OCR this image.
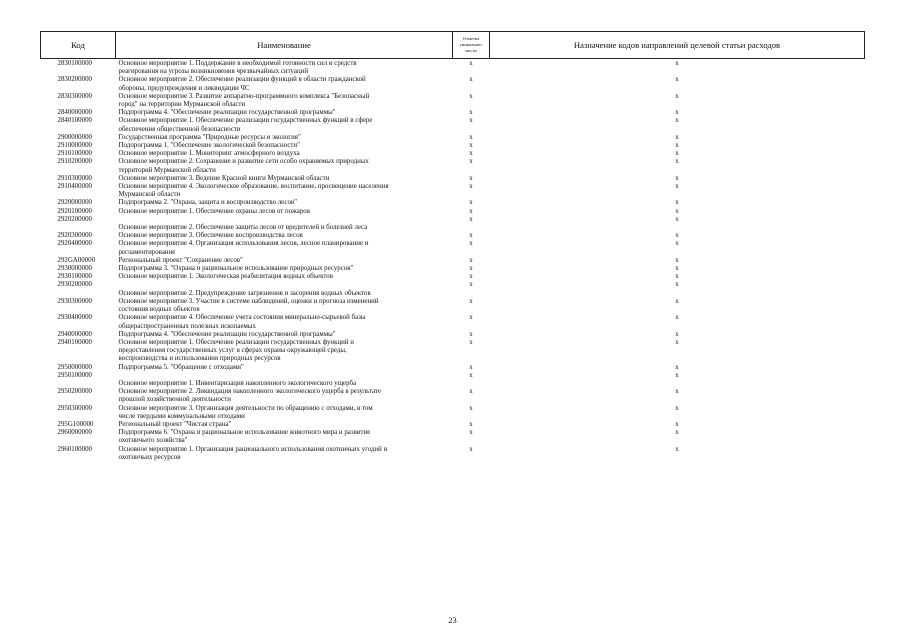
Код	Наименование	Отметка
уникальнос
ности	Назначение кодов направлений целевой статьи расходов
2830100000	Основное мероприятие 1. Поддержание в необходимой готовности сил и средств
реагирования на угрозы возникновения чрезвычайных ситуаций	x	x
2830200000	Основное мероприятие 2. Обеспечение реализации функций в области гражданской
обороны, предупреждения и ликвидации ЧС	x	x
2830300000	Основное мероприятие 3. Развитие аппаратно-программного комплекса "Безопасный
город" на территории Мурманской области	x	x
2840000000	Подпрограмма 4. "Обеспечение реализации государственной программы"	x	x
2840100000	Основное мероприятие 1. Обеспечение реализации государственных функций в сфере
обеспечения общественной безопасности	x	x
2900000000	Государственная программа "Природные ресурсы и экология"	x	x
2910000000	Подпрограмма 1. "Обеспечение экологической безопасности"	x	x
2910100000	Основное мероприятие 1. Мониторинг атмосферного воздуха	x	x
2910200000	Основное мероприятие 2. Сохранение и развитие сети особо охраняемых природных
территорий Мурманской области	x	x
2910300000	Основное мероприятие 3. Ведение Красной книги Мурманской области	x	x
2910400000	Основное мероприятие 4. Экологическое образование, воспитание, просвещение населения
Мурманской области	x	x
2920000000	Подпрограмма 2. "Охрана, защита и воспроизводство лесов"	x	x
2920100000	Основное мероприятие 1. Обеспечение охраны лесов от пожаров	x	x
2920200000	Основное мероприятие 2. Обеспечение защиты лесов от вредителей и болезней леса	x	x
2920300000	Основное мероприятие 3. Обеспечение воспроизводства лесов	x	x
2920400000	Основное мероприятие 4. Организация использования лесов, лесное планирование и
регламентирование	x	x
292GA00000	Региональный проект "Сохранение лесов"	x	x
2930000000	Подпрограмма 3. "Охрана и рациональное использование природных ресурсов"	x	x
2930100000	Основное мероприятие 1. Экологическая реабилитация водных объектов	x	x
2930200000	Основное мероприятие 2. Предупреждение загрязнения и засорения водных объектов	x	x
2930300000	Основное мероприятие 3. Участие в системе наблюдений, оценки и прогноза изменений
состояния водных объектов	x	x
2930400000	Основное мероприятие 4. Обеспечение учета состояния минерально-сырьевой базы
общераспространенных полезных ископаемых	x	x
2940000000	Подпрограмма 4. "Обеспечение реализации государственной программы"	x	x
2940100000	Основное мероприятие 1. Обеспечение реализации государственных функций и
предоставления государственных услуг в сферах охраны окружающей среды,
воспроизводства и использования природных ресурсов	x	x
2950000000	Подпрограмма 5. "Обращение с отходами"	x	x
2950100000	Основное мероприятие 1. Инвентаризация накопленного экологического ущерба	x	x
2950200000	Основное мероприятие 2. Ликвидация накопленного экологического ущерба в результате
прошлой хозяйственной деятельности	x	x
2950300000	Основное мероприятие 3. Организация деятельности по обращению с отходами, в том
числе твердыми коммунальными отходами	x	x
295G100000	Региональный проект "Чистая страна"	x	x
2960000000	Подпрограмма 6. "Охрана и рациональное использование животного мира и развитие
охотничьего хозяйства"	x	x
2960100000	Основное мероприятие 1. Организация рационального использования охотничьих угодий и
охотничьих ресурсов	x	x
23
